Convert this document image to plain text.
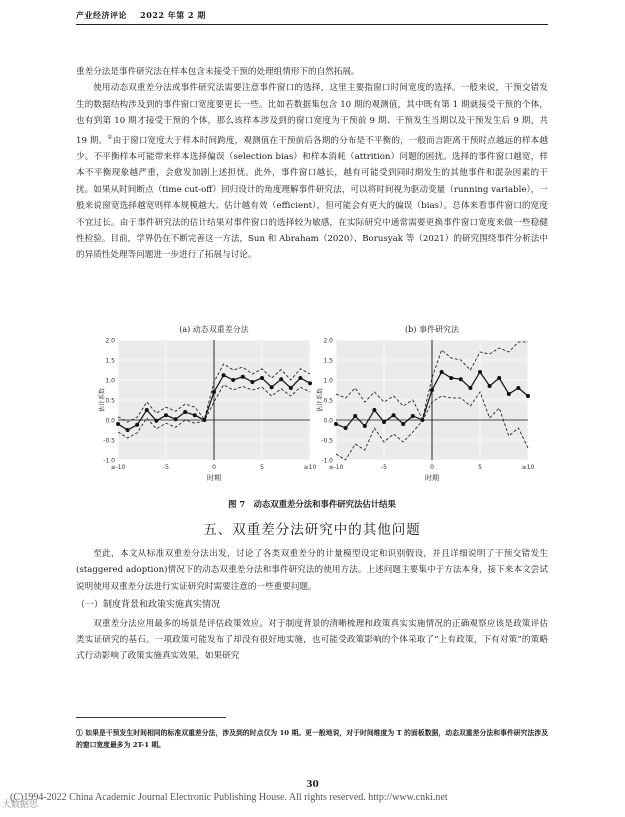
产业经济评论 2022 年第 2 期

重差分法是事件研究法在样本包含未接受干预的处理组情形下的自然拓展。

使用动态双重差分法或事件研究法需要注意事件窗口的选择，这里主要指窗口时间宽度的选择。一般来说，干预交错发生的数据结构涉及到的事件窗口宽度要更长一些。比如若数据集包含 10 期的观测值，其中既有第 1 期就接受干预的个体，也有到第 10 期才接受干预的个体，那么该样本涉及到的窗口宽度为干预前 9 期、干预发生当期以及干预发生后 9 期，共 19 期。①由于窗口宽度大于样本时间跨度，观测值在干预前后各期的分布是不平衡的，一般而言距离干预时点越远的样本越少。不平衡样本可能带来样本选择偏误（selection bias）和样本消耗（attrition）问题的困扰。选择的事件窗口越宽，样本不平衡现象越严重，会愈发加剧上述担忧。此外，事件窗口越长，越有可能受到同时期发生的其他事件和混杂因素的干扰。如果从时间断点（time cut-off）回归设计的角度理解事件研究法，可以将时间视为驱动变量（running variable），一般来说窗宽选择越宽则样本规模越大、估计越有效（efficient），但可能会有更大的偏误（bias）。总体来看事件窗口的宽度不宜过长。由于事件研究法的估计结果对事件窗口的选择较为敏感，在实际研究中通常需要更换事件窗口宽度来做一些稳健性检验。目前，学界仍在不断完善这一方法，Sun 和 Abraham（2020）、Borusyak 等（2021）的研究围绕事件分析法中的异质性处理等问题进一步进行了拓展与讨论。

(a) 动态双重差分法
-1.0
-0.5
0.0
0.5
1.0
1.5
2.0
≤-10	-5	0	5	≥10
时期
估计系数
(b) 事件研究法
-1.0
-0.5
0.0
0.5
1.0
1.5
2.0
≤-10	-5	0	5	≥10
时期
估计系数
图 7　动态双重差分法和事件研究法估计结果
五、双重差分法研究中的其他问题

至此，本文从标准双重差分法出发，讨论了各类双重差分的计量模型设定和识别假设，并且详细说明了干预交错发生(staggered adoption)情况下的动态双重差分法和事件研究法的使用方法。上述问题主要集中于方法本身，接下来本文尝试说明使用双重差分法进行实证研究时需要注意的一些重要问题。

（一）制度背景和政策实施真实情况

双重差分法应用最多的场景是评估政策效应。对于制度背景的清晰梳理和政策真实实施情况的正确观察应该是政策评估类实证研究的基石。一项政策可能发布了却没有很好地实施，也可能受政策影响的个体采取了“上有政策，下有对策”的策略式行动影响了政策实施真实效果，如果研究

① 如果是干预发生时间相同的标准双重差分法，涉及到的时点仅为 10 期。更一般地说，对于时间维度为 T 的面板数据，动态双重差分法和事件研究法涉及的窗口宽度最多为 2T-1 期。
30
(C)1994-2022 China Academic Journal Electronic Publishing House. All rights reserved. http://www.cnki.net
大数据思
